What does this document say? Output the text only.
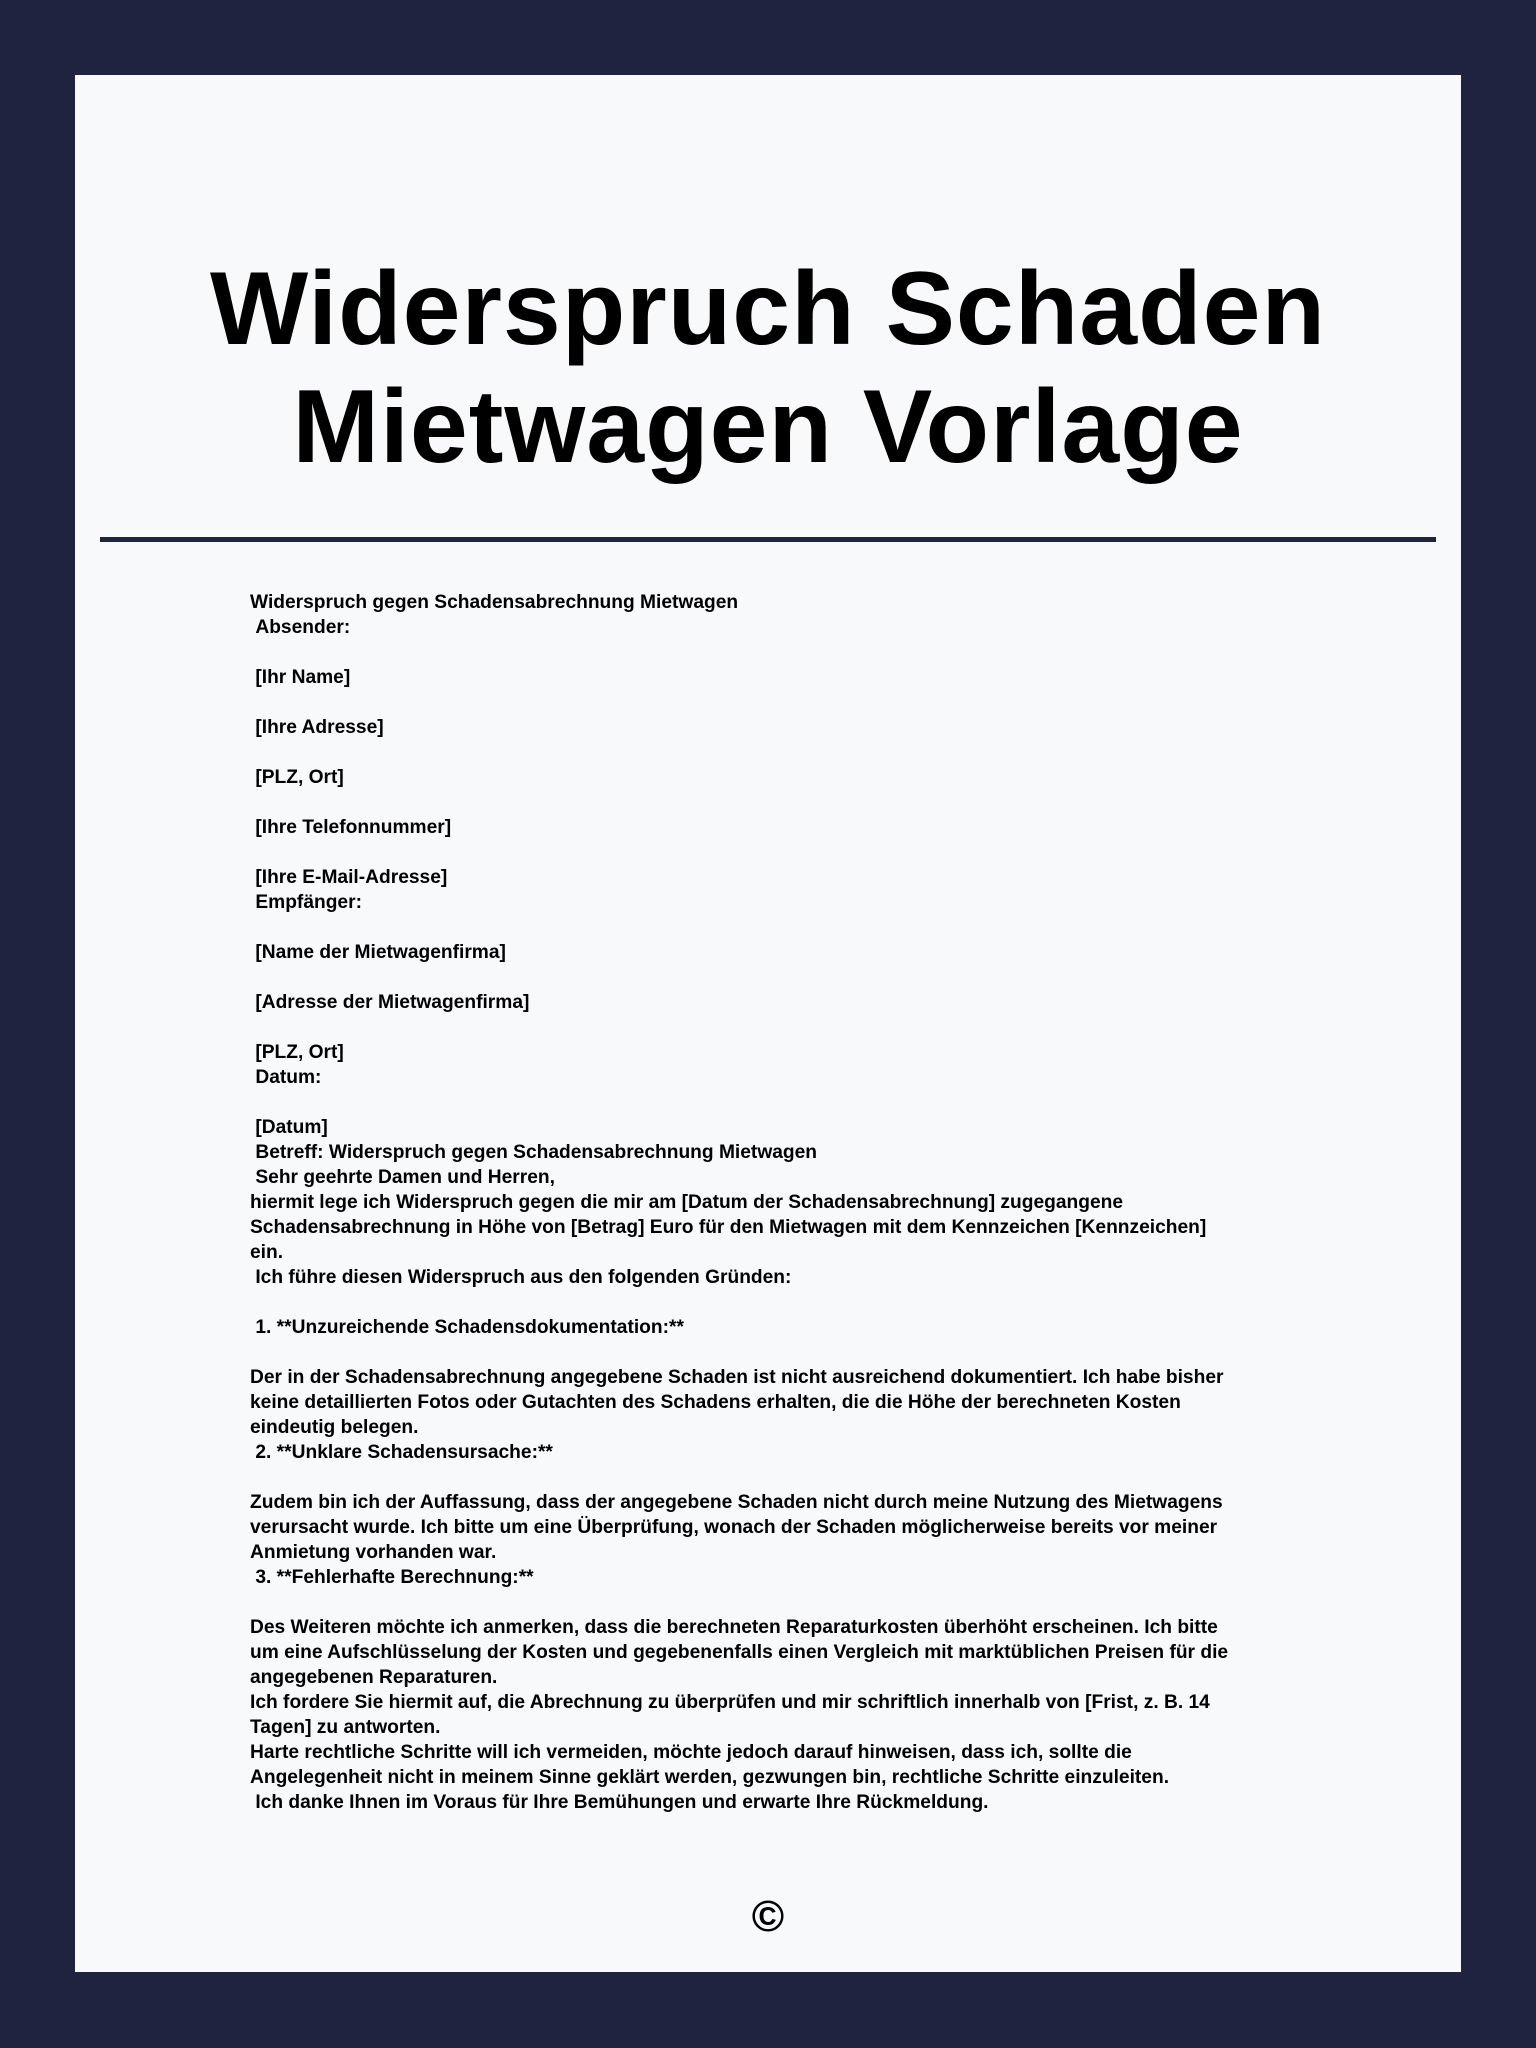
Widerspruch Schaden
Mietwagen Vorlage

Widerspruch gegen Schadensabrechnung Mietwagen

Absender:

[Ihr Name]

[Ihre Adresse]

[PLZ, Ort]

[Ihre Telefonnummer]

[Ihre E-Mail-Adresse]

Empfänger:

[Name der Mietwagenfirma]

[Adresse der Mietwagenfirma]

[PLZ, Ort]

Datum:

[Datum]

Betreff: Widerspruch gegen Schadensabrechnung Mietwagen

Sehr geehrte Damen und Herren,

hiermit lege ich Widerspruch gegen die mir am [Datum der Schadensabrechnung] zugegangene

Schadensabrechnung in Höhe von [Betrag] Euro für den Mietwagen mit dem Kennzeichen [Kennzeichen]

ein.

Ich führe diesen Widerspruch aus den folgenden Gründen:

1. **Unzureichende Schadensdokumentation:**

Der in der Schadensabrechnung angegebene Schaden ist nicht ausreichend dokumentiert. Ich habe bisher

keine detaillierten Fotos oder Gutachten des Schadens erhalten, die die Höhe der berechneten Kosten

eindeutig belegen.

2. **Unklare Schadensursache:**

Zudem bin ich der Auffassung, dass der angegebene Schaden nicht durch meine Nutzung des Mietwagens

verursacht wurde. Ich bitte um eine Überprüfung, wonach der Schaden möglicherweise bereits vor meiner

Anmietung vorhanden war.

3. **Fehlerhafte Berechnung:**

Des Weiteren möchte ich anmerken, dass die berechneten Reparaturkosten überhöht erscheinen. Ich bitte

um eine Aufschlüsselung der Kosten und gegebenenfalls einen Vergleich mit marktüblichen Preisen für die

angegebenen Reparaturen.

Ich fordere Sie hiermit auf, die Abrechnung zu überprüfen und mir schriftlich innerhalb von [Frist, z. B. 14

Tagen] zu antworten.

Harte rechtliche Schritte will ich vermeiden, möchte jedoch darauf hinweisen, dass ich, sollte die

Angelegenheit nicht in meinem Sinne geklärt werden, gezwungen bin, rechtliche Schritte einzuleiten.

Ich danke Ihnen im Voraus für Ihre Bemühungen und erwarte Ihre Rückmeldung.

©
